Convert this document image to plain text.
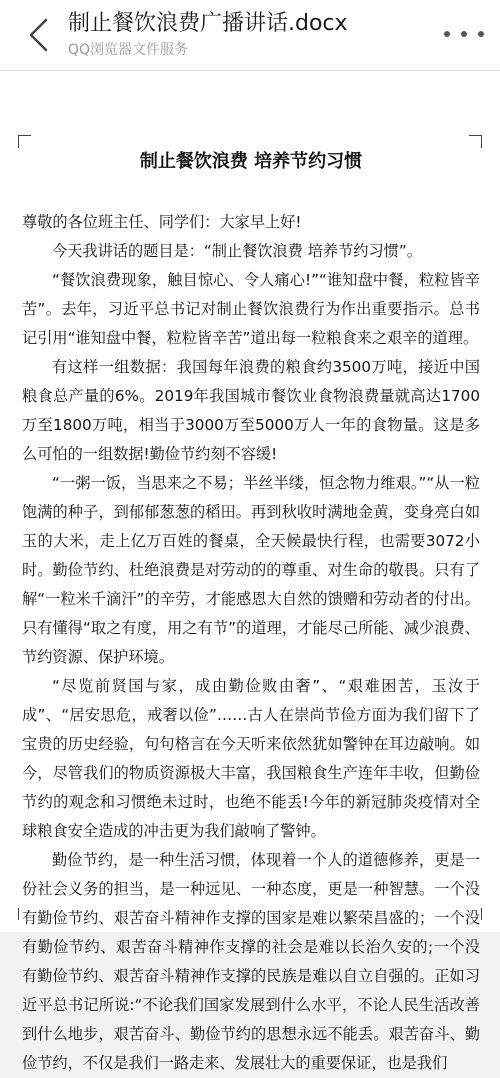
制止餐饮浪费广播讲话.docx
QQ浏览器文件服务
制止餐饮浪费 培养节约习惯

尊敬的各位班主任、同学们：大家早上好!

今天我讲话的题目是：“制止餐饮浪费 培养节约习惯”。

“餐饮浪费现象，触目惊心、令人痛心!”“谁知盘中餐，粒粒皆辛苦”。去年，习近平总书记对制止餐饮浪费行为作出重要指示。总书记引用“谁知盘中餐，粒粒皆辛苦”道出每一粒粮食来之艰辛的道理。

有这样一组数据：我国每年浪费的粮食约3500万吨，接近中国粮食总产量的6%。2019年我国城市餐饮业食物浪费量就高达1700万至1800万吨，相当于3000万至5000万人一年的食物量。这是多么可怕的一组数据!勤俭节约刻不容缓!

“一粥一饭，当思来之不易；半丝半缕，恒念物力维艰。”“从一粒饱满的种子，到郁郁葱葱的稻田。再到秋收时满地金黄，变身亮白如玉的大米，走上亿万百姓的餐桌，全天候最快行程，也需要3072小时。勤俭节约、杜绝浪费是对劳动的的尊重、对生命的敬畏。只有了解“一粒米千滴汗”的辛劳，才能感恩大自然的馈赠和劳动者的付出。只有懂得“取之有度，用之有节”的道理，才能尽己所能、减少浪费、节约资源、保护环境。

“尽览前贤国与家，成由勤俭败由奢”、“艰难困苦，玉汝于成”、“居安思危，戒奢以俭”……古人在崇尚节俭方面为我们留下了宝贵的历史经验，句句格言在今天听来依然犹如警钟在耳边敲响。如今，尽管我们的物质资源极大丰富，我国粮食生产连年丰收，但勤俭节约的观念和习惯绝未过时，也绝不能丢!今年的新冠肺炎疫情对全球粮食安全造成的冲击更为我们敲响了警钟。

勤俭节约，是一种生活习惯，体现着一个人的道德修养，更是一份社会义务的担当，是一种远见、一种态度，更是一种智慧。一个没有勤俭节约、艰苦奋斗精神作支撑的国家是难以繁荣昌盛的；一个没有勤俭节约、艰苦奋斗精神作支撑的社会是难以长治久安的;一个没有勤俭节约、艰苦奋斗精神作支撑的民族是难以自立自强的。正如习近平总书记所说:“不论我们国家发展到什么水平，不论人民生活改善到什么地步，艰苦奋斗、勤俭节约的思想永远不能丢。艰苦奋斗、勤俭节约，不仅是我们一路走来、发展壮大的重要保证，也是我们
